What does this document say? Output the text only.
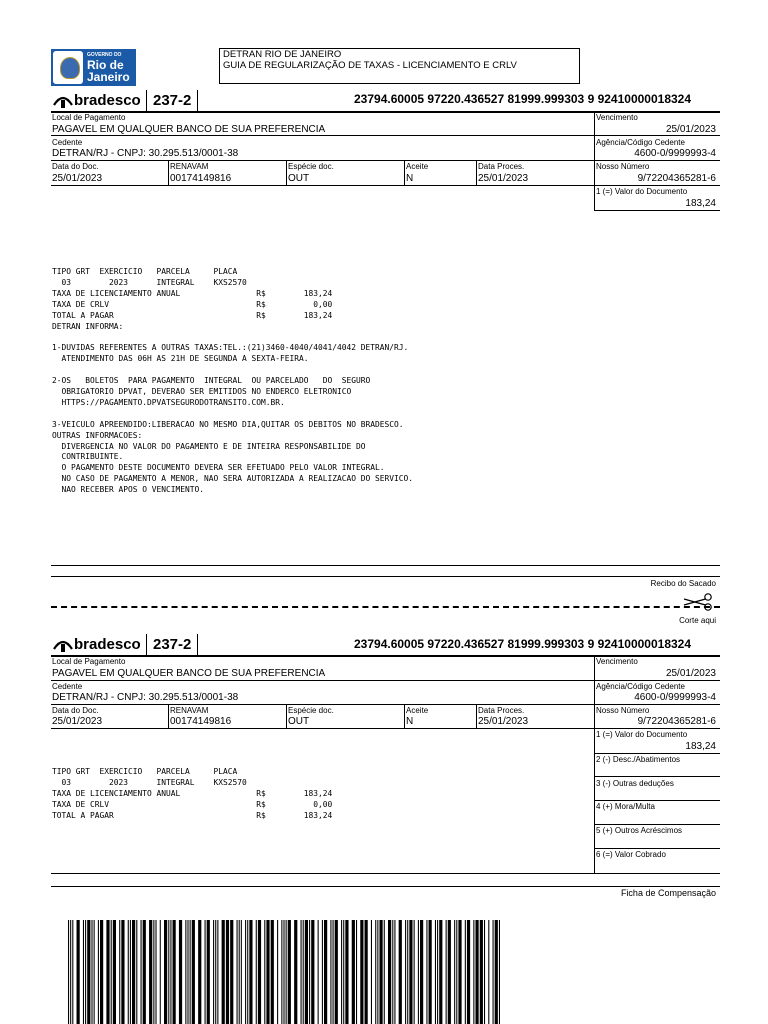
GOVERNO DO
Rio de
Janeiro
DETRAN RIO DE JANEIRO
GUIA DE REGULARIZAÇÃO DE TAXAS - LICENCIAMENTO E CRLV
bradesco 237-2	23794.60005 97220.436527 81999.999303 9 92410000018324
Local de Pagamento
PAGAVEL EM QUALQUER BANCO DE SUA PREFERENCIA
Vencimento
25/01/2023
Cedente
DETRAN/RJ - CNPJ: 30.295.513/0001-38
Agência/Código Cedente
4600-0/9999993-4
Data do Doc.
25/01/2023
RENAVAM
00174149816
Espécie doc.
OUT
Aceite
N
Data Proces.
25/01/2023
Nosso Número
9/72204365281-6
1 (=) Valor do Documento
183,24
TIPO GRT  EXERCICIO   PARCELA     PLACA
03        2023      INTEGRAL    KXS2570
TAXA DE LICENCIAMENTO ANUAL                R$        183,24
TAXA DE CRLV                               R$          0,00
TOTAL A PAGAR                              R$        183,24
DETRAN INFORMA:

1-DUVIDAS REFERENTES A OUTRAS TAXAS:TEL.:(21)3460-4040/4041/4042 DETRAN/RJ.
ATENDIMENTO DAS 06H AS 21H DE SEGUNDA A SEXTA-FEIRA.

2-OS   BOLETOS  PARA PAGAMENTO  INTEGRAL  OU PARCELADO   DO  SEGURO
OBRIGATORIO DPVAT, DEVERAO SER EMITIDOS NO ENDERCO ELETRONICO
HTTPS://PAGAMENTO.DPVATSEGURODOTRANSITO.COM.BR.

3-VEICULO APREENDIDO:LIBERACAO NO MESMO DIA,QUITAR OS DEBITOS NO BRADESCO.
OUTRAS INFORMACOES:
DIVERGENCIA NO VALOR DO PAGAMENTO E DE INTEIRA RESPONSABILIDE DO
CONTRIBUINTE.
O PAGAMENTO DESTE DOCUMENTO DEVERA SER EFETUADO PELO VALOR INTEGRAL.
NO CASO DE PAGAMENTO A MENOR, NAO SERA AUTORIZADA A REALIZACAO DO SERVICO.
NAO RECEBER APOS O VENCIMENTO.
Recibo do Sacado
Corte aqui
bradesco 237-2	23794.60005 97220.436527 81999.999303 9 92410000018324
Local de Pagamento
PAGAVEL EM QUALQUER BANCO DE SUA PREFERENCIA
Vencimento
25/01/2023
Cedente
DETRAN/RJ - CNPJ: 30.295.513/0001-38
Agência/Código Cedente
4600-0/9999993-4
Data do Doc.
25/01/2023
RENAVAM
00174149816
Espécie doc.
OUT
Aceite
N
Data Proces.
25/01/2023
Nosso Número
9/72204365281-6
1 (=) Valor do Documento
183,24
2 (-) Desc./Abatimentos
3 (-) Outras deduções
4 (+) Mora/Multa
5 (+) Outros Acréscimos
6 (=) Valor Cobrado
TIPO GRT  EXERCICIO   PARCELA     PLACA
03        2023      INTEGRAL    KXS2570
TAXA DE LICENCIAMENTO ANUAL                R$        183,24
TAXA DE CRLV                               R$          0,00
TOTAL A PAGAR                              R$        183,24
Ficha de Compensação
